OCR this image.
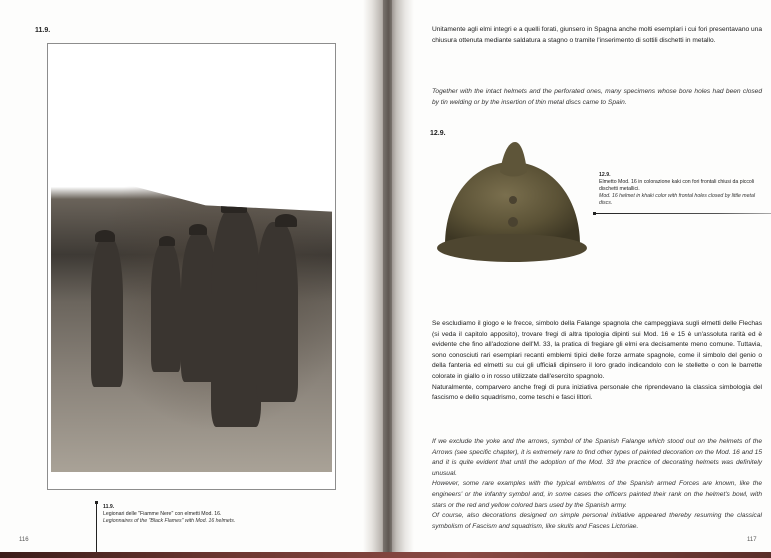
11.9.
11.9.
Legionari delle "Fiamme Nere" con elmetti Mod. 16.
Legionnaires of the "Black Flames" with Mod. 16 helmets.
116
Unitamente agli elmi integri e a quelli forati, giunsero in Spagna anche molti esemplari i cui fori presentavano una chiusura ottenuta mediante saldatura a stagno o tramite l'inserimento di sottili dischetti in metallo.
Together with the intact helmets and the perforated ones, many specimens whose bore holes had been closed by tin welding or by the insertion of thin metal discs came to Spain.
12.9.
12.9.
Elmetto Mod. 16 in colorazione kaki con fori frontali chiusi da piccoli dischetti metallici.
Mod. 16 helmet in khaki color with frontal holes closed by little metal discs.
Se escludiamo il giogo e le frecce, simbolo della Falange spagnola che campeggiava sugli elmetti delle Flechas (si veda il capitolo apposito), trovare fregi di altra tipologia dipinti sui Mod. 16 e 15 è un'assoluta rarità ed è evidente che fino all'adozione dell'M. 33, la pratica di fregiare gli elmi era decisamente meno comune. Tuttavia, sono conosciuti rari esemplari recanti emblemi tipici delle forze armate spagnole, come il simbolo del genio o della fanteria ed elmetti su cui gli ufficiali dipinsero il loro grado indicandolo con le stellette o con le barrette colorate in giallo o in rosso utilizzate dall'esercito spagnolo.
Naturalmente, comparvero anche fregi di pura iniziativa personale che riprendevano la classica simbologia del fascismo e dello squadrismo, come teschi e fasci littori.
If we exclude the yoke and the arrows, symbol of the Spanish Falange which stood out on the helmets of the Arrows (see specific chapter), it is extremely rare to find other types of painted decoration on the Mod. 16 and 15 and it is quite evident that until the adoption of the Mod. 33 the practice of decorating helmets was definitely unusual.
However, some rare examples with the typical emblems of the Spanish armed Forces are known, like the engineers' or the infantry symbol and, in some cases the officers painted their rank on the helmet's bowl, with stars or the red and yellow colored bars used by the Spanish army.
Of course, also decorations designed on simple personal initiative appeared thereby resuming the classical symbolism of Fascism and squadrism, like skulls and Fasces Lictoriae.
117
